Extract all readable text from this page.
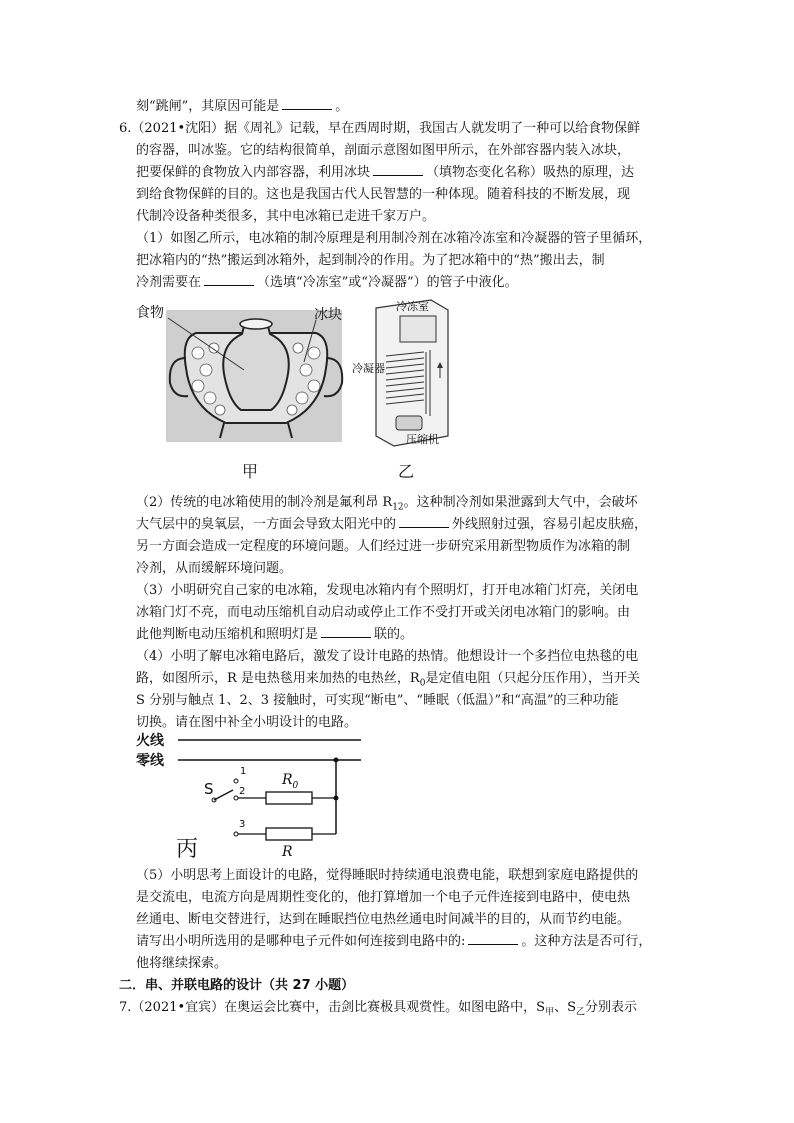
刻“跳闸”，其原因可能是	。
6.（2021•沈阳）据《周礼》记载，早在西周时期，我国古人就发明了一种可以给食物保鲜
的容器，叫冰鉴。它的结构很简单，剖面示意图如图甲所示，在外部容器内装入冰块，
把要保鲜的食物放入内部容器，利用冰块	（填物态变化名称）吸热的原理，达
到给食物保鲜的目的。这也是我国古代人民智慧的一种体现。随着科技的不断发展，现
代制冷设备种类很多，其中电冰箱已走进千家万户。
（1）如图乙所示，电冰箱的制冷原理是利用制冷剂在冰箱冷冻室和冷凝器的管子里循环，
把冰箱内的“热”搬运到冰箱外，起到制冷的作用。为了把冰箱中的“热”搬出去，制
冷剂需要在	（选填“冷冻室”或“冷凝器”）的管子中液化。
食物	冰块
甲
冷冻室
冷凝器
压缩机
乙
（2）传统的电冰箱使用的制冷剂是氟利昂 $R_{12}$。这种制冷剂如果泄露到大气中，会破坏
大气层中的臭氧层，一方面会导致太阳光中的	外线照射过强，容易引起皮肤癌，
另一方面会造成一定程度的环境问题。人们经过进一步研究采用新型物质作为冰箱的制
冷剂，从而缓解环境问题。
（3）小明研究自己家的电冰箱，发现电冰箱内有个照明灯，打开电冰箱门灯亮，关闭电
冰箱门灯不亮，而电动压缩机自动启动或停止工作不受打开或关闭电冰箱门的影响。由
此他判断电动压缩机和照明灯是	联的。
（4）小明了解电冰箱电路后，激发了设计电路的热情。他想设计一个多挡位电热毯的电
路，如图所示，R 是电热毯用来加热的电热丝，$R_0$是定值电阻（只起分压作用），当开关
S 分别与触点 1、2、3 接触时，可实现“断电”、“睡眠（低温）”和“高温”的三种功能
切换。请在图中补全小明设计的电路。
火线
零线
S
1
2
3
$R_0$
R
丙
（5）小明思考上面设计的电路，觉得睡眠时持续通电浪费电能，联想到家庭电路提供的
是交流电，电流方向是周期性变化的，他打算增加一个电子元件连接到电路中，使电热
丝通电、断电交替进行，达到在睡眠挡位电热丝通电时间减半的目的，从而节约电能。
请写出小明所选用的是哪种电子元件如何连接到电路中的:	。这种方法是否可行，
他将继续探索。
二．串、并联电路的设计（共 27 小题）
7.（2021•宜宾）在奥运会比赛中，击剑比赛极具观赏性。如图电路中，$S_甲$、$S_乙$分别表示
